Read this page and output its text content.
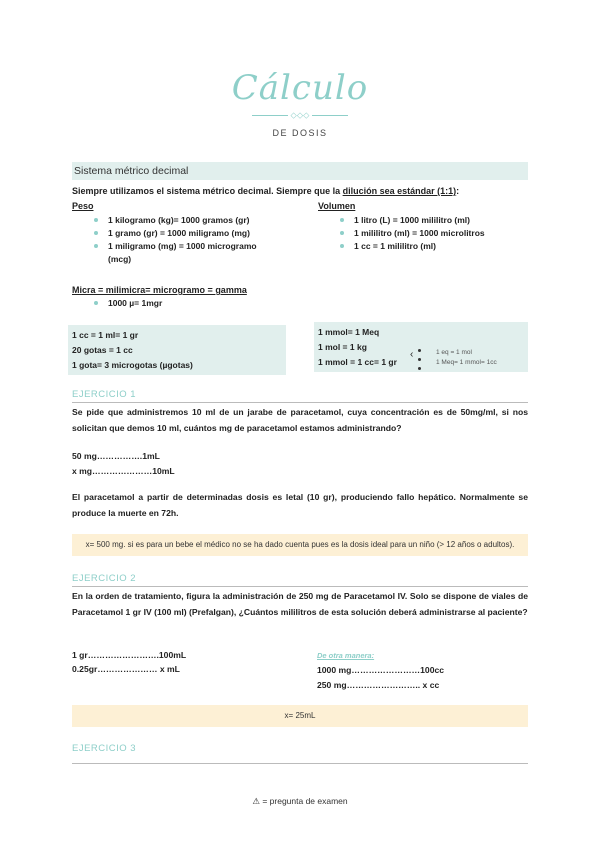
Cálculo
⬦⬦⬦
DE DOSIS
Sistema métrico decimal
Siempre utilizamos el sistema métrico decimal. Siempre que la dilución sea estándar (1:1):
Peso
1 kilogramo (kg)= 1000 gramos (gr)
1 gramo (gr) = 1000 miligramo (mg)
1 miligramo (mg) = 1000 microgramo (mcg)
Volumen
1 litro (L) = 1000 mililitro (ml)
1 mililitro (ml) = 1000 microlitros
1 cc = 1 mililitro (ml)
Micra = milimicra= microgramo = gamma
1000 µ= 1mgr
1 cc = 1 ml= 1 gr
20 gotas = 1 cc
1 gota= 3 microgotas (µgotas)
1 mmol= 1 Meq
1 mol = 1 kg
1 mmol = 1 cc= 1 gr
‹	1 eq = 1 mol
1 Meq= 1 mmol= 1cc
EJERCICIO 1
Se pide que administremos 10 ml de un jarabe de paracetamol, cuya concentración es de 50mg/ml, si nos solicitan que demos 10 ml, cuántos mg de paracetamol estamos administrando?
50 mg…………….1mL
x mg…………………10mL
El paracetamol a partir de determinadas dosis es letal (10 gr), produciendo fallo hepático. Normalmente se produce la muerte en 72h.
x= 500 mg. si es para un bebe el médico no se ha dado cuenta pues es la dosis ideal para un niño (> 12 años o adultos).
EJERCICIO 2
En la orden de tratamiento, figura la administración de 250 mg de Paracetamol IV. Solo se dispone de viales de Paracetamol 1 gr IV (100 ml) (Prefalgan), ¿Cuántos mililitros de esta solución deberá administrarse al paciente?
1 gr…………………….100mL
0.25gr………………… x mL
De otra manera:
1000 mg……………………100cc
250 mg…………………….. x cc
x= 25mL
EJERCICIO 3
⚠ = pregunta de examen
